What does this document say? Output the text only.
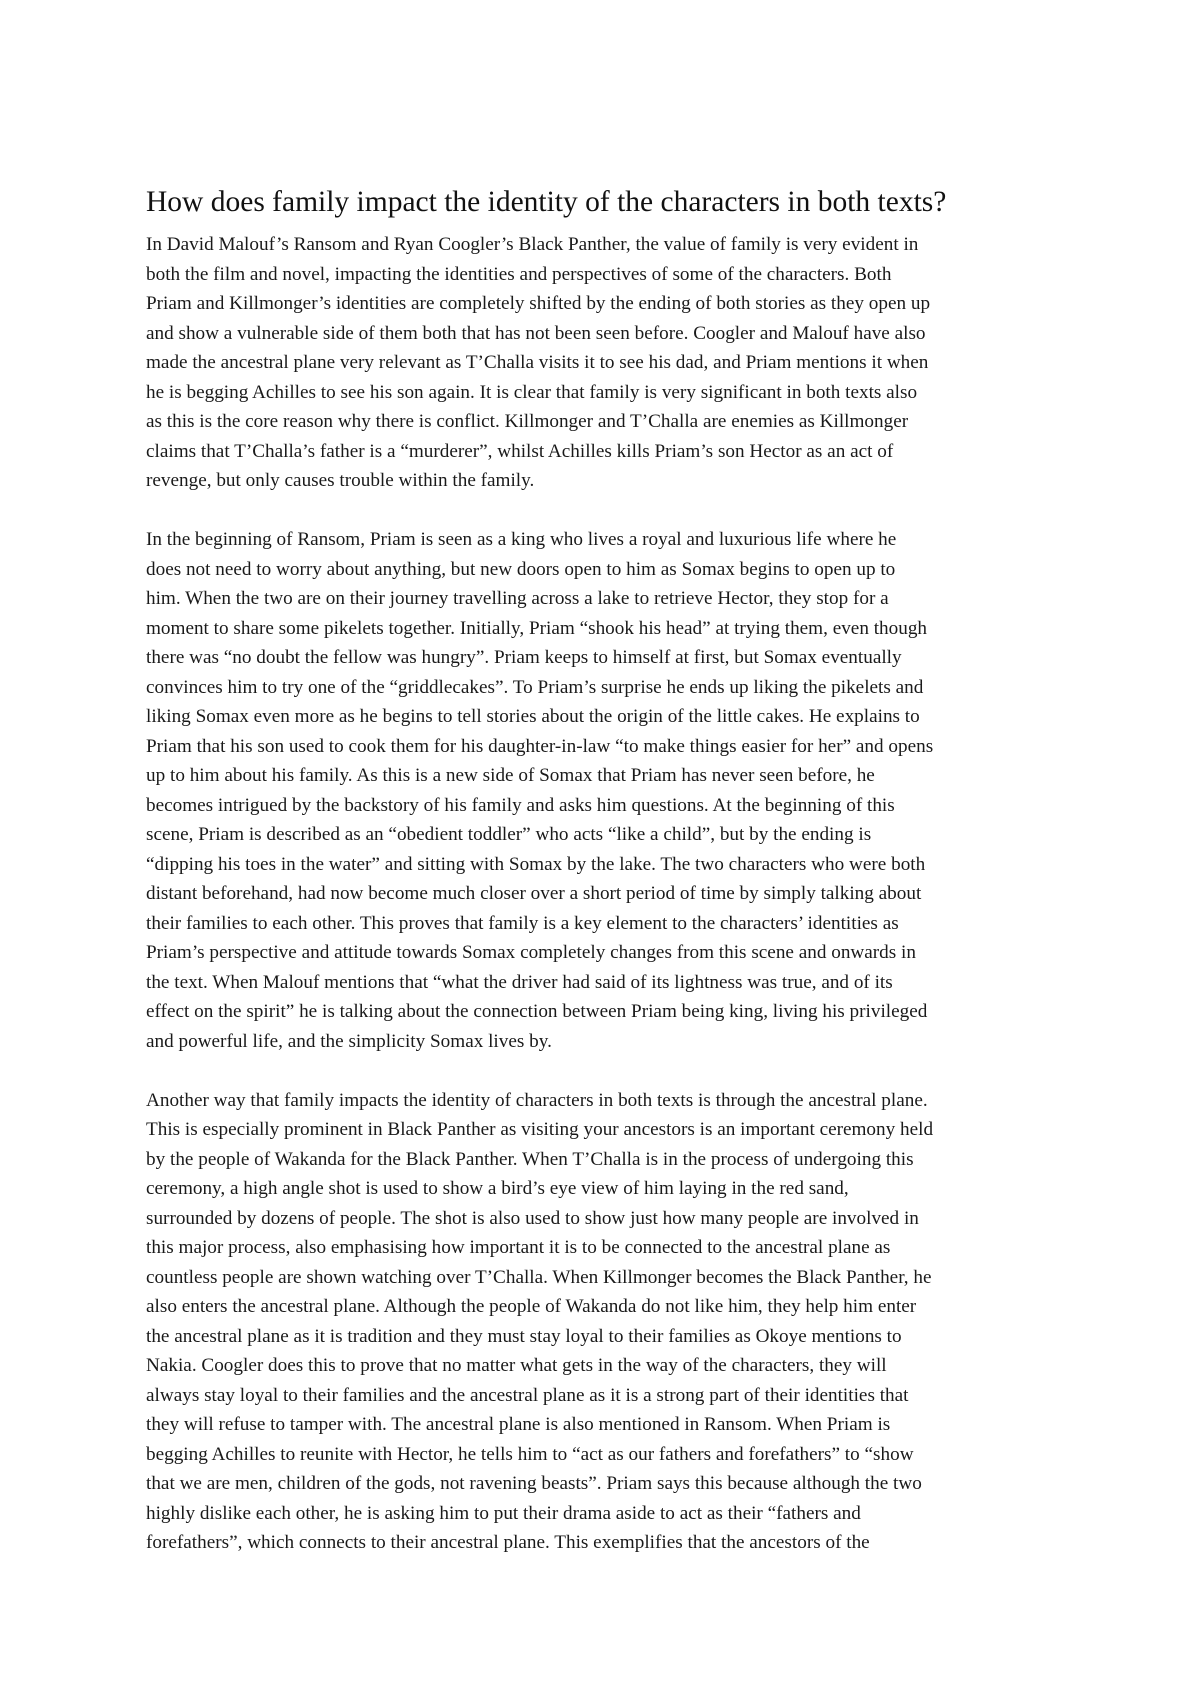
How does family impact the identity of the characters in both texts?

In David Malouf’s Ransom and Ryan Coogler’s Black Panther, the value of family is very evident in
both the film and novel, impacting the identities and perspectives of some of the characters. Both
Priam and Killmonger’s identities are completely shifted by the ending of both stories as they open up
and show a vulnerable side of them both that has not been seen before. Coogler and Malouf have also
made the ancestral plane very relevant as T’Challa visits it to see his dad, and Priam mentions it when
he is begging Achilles to see his son again. It is clear that family is very significant in both texts also
as this is the core reason why there is conflict. Killmonger and T’Challa are enemies as Killmonger
claims that T’Challa’s father is a “murderer”, whilst Achilles kills Priam’s son Hector as an act of
revenge, but only causes trouble within the family.

In the beginning of Ransom, Priam is seen as a king who lives a royal and luxurious life where he
does not need to worry about anything, but new doors open to him as Somax begins to open up to
him. When the two are on their journey travelling across a lake to retrieve Hector, they stop for a
moment to share some pikelets together. Initially, Priam “shook his head” at trying them, even though
there was “no doubt the fellow was hungry”. Priam keeps to himself at first, but Somax eventually
convinces him to try one of the “griddlecakes”. To Priam’s surprise he ends up liking the pikelets and
liking Somax even more as he begins to tell stories about the origin of the little cakes. He explains to
Priam that his son used to cook them for his daughter-in-law “to make things easier for her” and opens
up to him about his family. As this is a new side of Somax that Priam has never seen before, he
becomes intrigued by the backstory of his family and asks him questions. At the beginning of this
scene, Priam is described as an “obedient toddler” who acts “like a child”, but by the ending is
“dipping his toes in the water” and sitting with Somax by the lake. The two characters who were both
distant beforehand, had now become much closer over a short period of time by simply talking about
their families to each other. This proves that family is a key element to the characters’ identities as
Priam’s perspective and attitude towards Somax completely changes from this scene and onwards in
the text. When Malouf mentions that “what the driver had said of its lightness was true, and of its
effect on the spirit” he is talking about the connection between Priam being king, living his privileged
and powerful life, and the simplicity Somax lives by.

Another way that family impacts the identity of characters in both texts is through the ancestral plane.
This is especially prominent in Black Panther as visiting your ancestors is an important ceremony held
by the people of Wakanda for the Black Panther. When T’Challa is in the process of undergoing this
ceremony, a high angle shot is used to show a bird’s eye view of him laying in the red sand,
surrounded by dozens of people. The shot is also used to show just how many people are involved in
this major process, also emphasising how important it is to be connected to the ancestral plane as
countless people are shown watching over T’Challa. When Killmonger becomes the Black Panther, he
also enters the ancestral plane. Although the people of Wakanda do not like him, they help him enter
the ancestral plane as it is tradition and they must stay loyal to their families as Okoye mentions to
Nakia. Coogler does this to prove that no matter what gets in the way of the characters, they will
always stay loyal to their families and the ancestral plane as it is a strong part of their identities that
they will refuse to tamper with. The ancestral plane is also mentioned in Ransom. When Priam is
begging Achilles to reunite with Hector, he tells him to “act as our fathers and forefathers” to “show
that we are men, children of the gods, not ravening beasts”. Priam says this because although the two
highly dislike each other, he is asking him to put their drama aside to act as their “fathers and
forefathers”, which connects to their ancestral plane. This exemplifies that the ancestors of the
